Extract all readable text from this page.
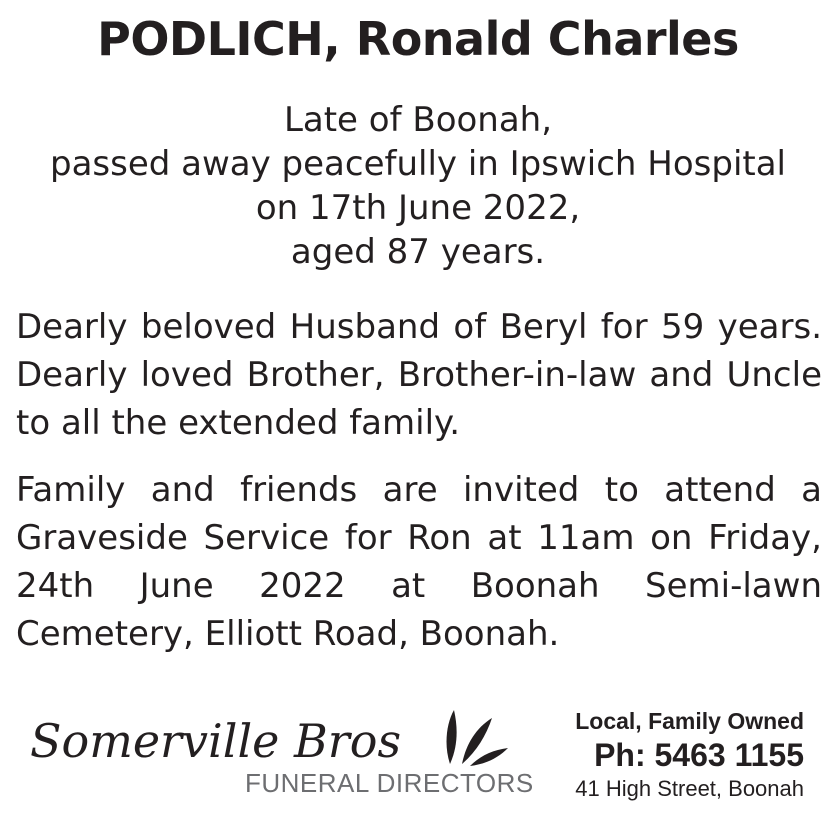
PODLICH, Ronald Charles
Late of Boonah,
passed away peacefully in Ipswich Hospital
on 17th June 2022,
aged 87 years.

Dearly beloved Husband of Beryl for 59 years. Dearly loved Brother, Brother-in-law and Uncle to all the extended family.

Family and friends are invited to attend a Graveside Service for Ron at 11am on Friday, 24th June 2022 at Boonah Semi-lawn Cemetery, Elliott Road, Boonah.

Somerville Bros
FUNERAL DIRECTORS
Local, Family Owned
Ph: 5463 1155
41 High Street, Boonah
